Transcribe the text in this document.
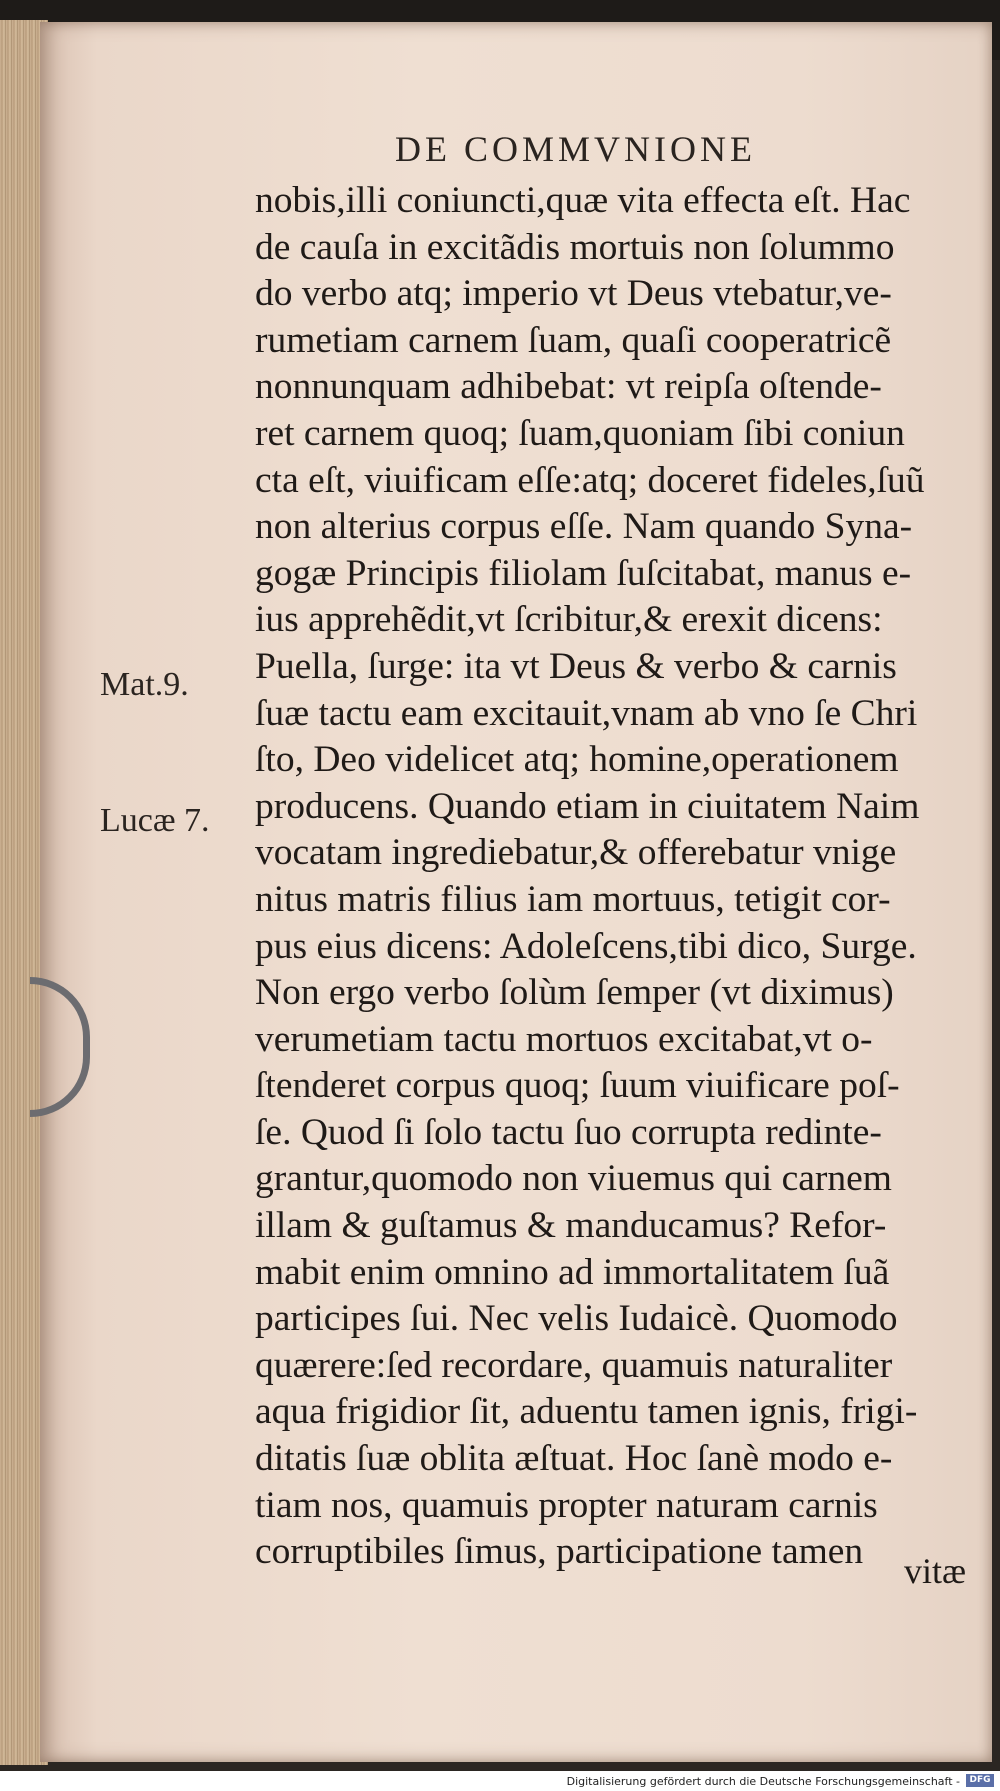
DE COMMVNIONE
nobis,illi coniuncti,quæ vita effecta eſt. Hac
de cauſa in excitãdis mortuis non ſolummo
do verbo atq; imperio vt Deus vtebatur,ve-
rumetiam carnem ſuam, quaſi cooperatricẽ
nonnunquam adhibebat: vt reipſa oſtende-
ret carnem quoq; ſuam,quoniam ſibi coniun
cta eſt, viuificam eſſe:atq; doceret fideles,ſuũ
non alterius corpus eſſe. Nam quando Syna-
gogæ Principis filiolam ſuſcitabat, manus e-
ius apprehẽdit,vt ſcribitur,& erexit dicens:
Puella, ſurge: ita vt Deus & verbo & carnis
ſuæ tactu eam excitauit,vnam ab vno ſe Chri
ſto, Deo videlicet atq; homine,operationem
producens. Quando etiam in ciuitatem Naim
vocatam ingrediebatur,& offerebatur vnige
nitus matris filius iam mortuus, tetigit cor-
pus eius dicens: Adoleſcens,tibi dico, Surge.
Non ergo verbo ſolùm ſemper (vt diximus)
verumetiam tactu mortuos excitabat,vt o-
ſtenderet corpus quoq; ſuum viuificare poſ-
ſe. Quod ſi ſolo tactu ſuo corrupta redinte-
grantur,quomodo non viuemus qui carnem
illam & guſtamus & manducamus? Refor-
mabit enim omnino ad immortalitatem ſuã
participes ſui. Nec velis Iudaicè. Quomodo
quærere:ſed recordare, quamuis naturaliter
aqua frigidior ſit, aduentu tamen ignis, frigi-
ditatis ſuæ oblita æſtuat. Hoc ſanè modo e-
tiam nos, quamuis propter naturam carnis
corruptibiles ſimus, participatione tamen
Mat.9.
Lucæ 7.
vitæ
Digitalisierung gefördert durch die Deutsche Forschungsgemeinschaft -	DFG
